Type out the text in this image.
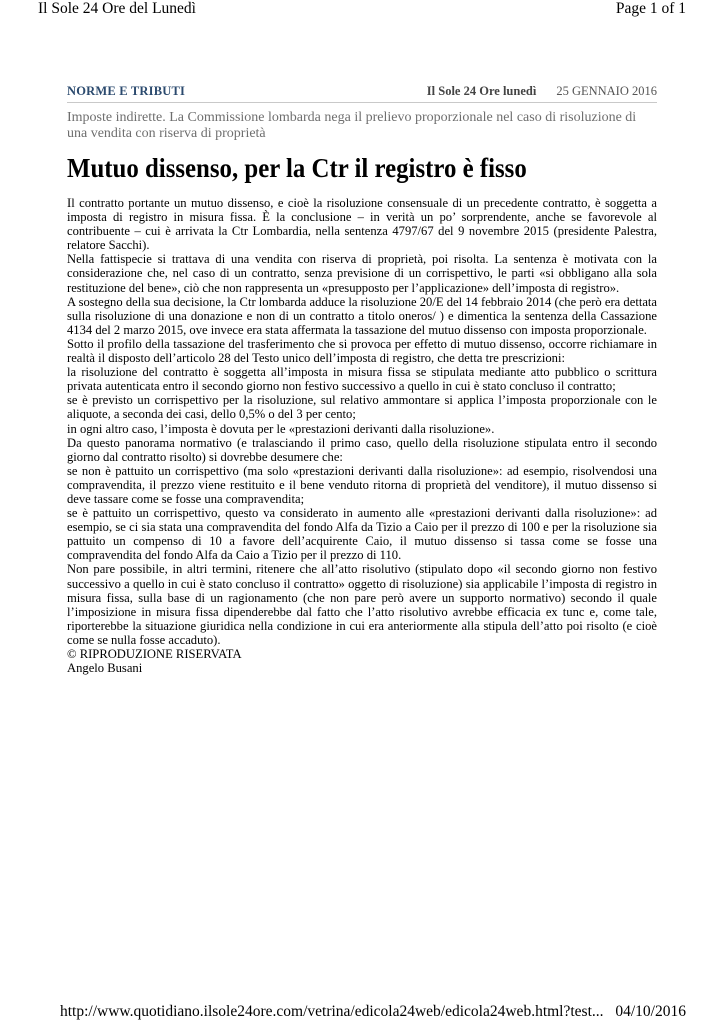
Il Sole 24 Ore del Lunedì	Page 1 of 1
NORME E TRIBUTI	Il Sole 24 Ore lunedì 25 GENNAIO 2016
Imposte indirette. La Commissione lombarda nega il prelievo proporzionale nel caso di risoluzione di una vendita con riserva di proprietà
Mutuo dissenso, per la Ctr il registro è fisso

Il contratto portante un mutuo dissenso, e cioè la risoluzione consensuale di un precedente contratto, è soggetta a imposta di registro in misura fissa. È la conclusione – in verità un po’ sorprendente, anche se favorevole al contribuente – cui è arrivata la Ctr Lombardia, nella sentenza 4797/67 del 9 novembre 2015 (presidente Palestra, relatore Sacchi).

Nella fattispecie si trattava di una vendita con riserva di proprietà, poi risolta. La sentenza è motivata con la considerazione che, nel caso di un contratto, senza previsione di un corrispettivo, le parti «si obbligano alla sola restituzione del bene», ciò che non rappresenta un «presupposto per l’applicazione» dell’imposta di registro».

A sostegno della sua decisione, la Ctr lombarda adduce la risoluzione 20/E del 14 febbraio 2014 (che però era dettata sulla risoluzione di una donazione e non di un contratto a titolo oneros/ ) e dimentica la sentenza della Cassazione 4134 del 2 marzo 2015, ove invece era stata affermata la tassazione del mutuo dissenso con imposta proporzionale.

Sotto il profilo della tassazione del trasferimento che si provoca per effetto di mutuo dissenso, occorre richiamare in realtà il disposto dell’articolo 28 del Testo unico dell’imposta di registro, che detta tre prescrizioni:

la risoluzione del contratto è soggetta all’imposta in misura fissa se stipulata mediante atto pubblico o scrittura privata autenticata entro il secondo giorno non festivo successivo a quello in cui è stato concluso il contratto;

se è previsto un corrispettivo per la risoluzione, sul relativo ammontare si applica l’imposta proporzionale con le aliquote, a seconda dei casi, dello 0,5% o del 3 per cento;

in ogni altro caso, l’imposta è dovuta per le «prestazioni derivanti dalla risoluzione».

Da questo panorama normativo (e tralasciando il primo caso, quello della risoluzione stipulata entro il secondo giorno dal contratto risolto) si dovrebbe desumere che:

se non è pattuito un corrispettivo (ma solo «prestazioni derivanti dalla risoluzione»: ad esempio, risolvendosi una compravendita, il prezzo viene restituito e il bene venduto ritorna di proprietà del venditore), il mutuo dissenso si deve tassare come se fosse una compravendita;

se è pattuito un corrispettivo, questo va considerato in aumento alle «prestazioni derivanti dalla risoluzione»: ad esempio, se ci sia stata una compravendita del fondo Alfa da Tizio a Caio per il prezzo di 100 e per la risoluzione sia pattuito un compenso di 10 a favore dell’acquirente Caio, il mutuo dissenso si tassa come se fosse una compravendita del fondo Alfa da Caio a Tizio per il prezzo di 110.

Non pare possibile, in altri termini, ritenere che all’atto risolutivo (stipulato dopo «il secondo giorno non festivo successivo a quello in cui è stato concluso il contratto» oggetto di risoluzione) sia applicabile l’imposta di registro in misura fissa, sulla base di un ragionamento (che non pare però avere un supporto normativo) secondo il quale l’imposizione in misura fissa dipenderebbe dal fatto che l’atto risolutivo avrebbe efficacia ex tunc e, come tale, riporterebbe la situazione giuridica nella condizione in cui era anteriormente alla stipula dell’atto poi risolto (e cioè come se nulla fosse accaduto).

© RIPRODUZIONE RISERVATA

Angelo Busani

http://www.quotidiano.ilsole24ore.com/vetrina/edicola24web/edicola24web.html?test... 04/10/2016
